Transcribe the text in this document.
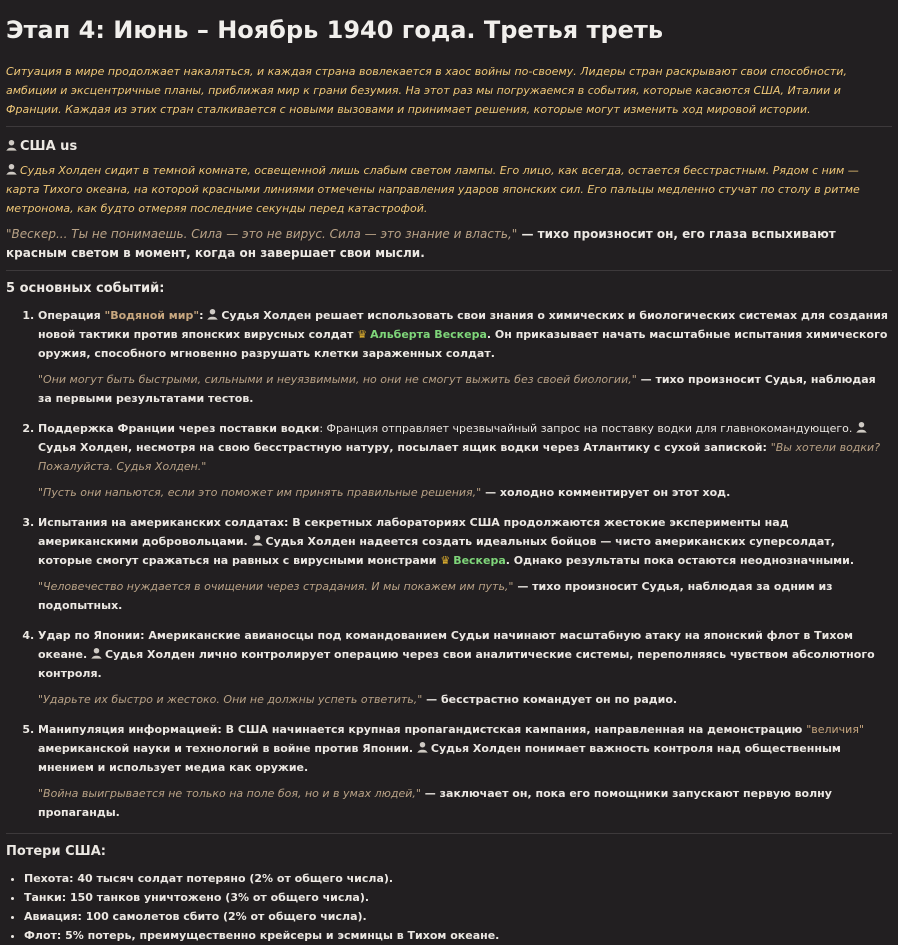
Этап 4: Июнь – Ноябрь 1940 года. Третья треть

Ситуация в мире продолжает накаляться, и каждая страна вовлекается в хаос войны по-своему. Лидеры стран раскрывают свои способности, амбиции и эксцентричные планы, приближая мир к грани безумия. На этот раз мы погружаемся в события, которые касаются США, Италии и Франции. Каждая из этих стран сталкивается с новыми вызовами и принимает решения, которые могут изменить ход мировой истории.

США us

Судья Холден сидит в темной комнате, освещенной лишь слабым светом лампы. Его лицо, как всегда, остается бесстрастным. Рядом с ним — карта Тихого океана, на которой красными линиями отмечены направления ударов японских сил. Его пальцы медленно стучат по столу в ритме метронома, как будто отмеряя последние секунды перед катастрофой.

"Вескер... Ты не понимаешь. Сила — это не вирус. Сила — это знание и власть," — тихо произносит он, его глаза вспыхивают красным светом в момент, когда он завершает свои мысли.

5 основных событий:
1. Операция "Водяной мир": Судья Холден решает использовать свои знания о химических и биологических системах для создания новой тактики против японских вирусных солдат ♛ Альберта Вескера. Он приказывает начать масштабные испытания химического оружия, способного мгновенно разрушать клетки зараженных солдат.
"Они могут быть быстрыми, сильными и неуязвимыми, но они не смогут выжить без своей биологии," — тихо произносит Судья, наблюдая за первыми результатами тестов.
2. Поддержка Франции через поставки водки: Франция отправляет чрезвычайный запрос на поставку водки для главнокомандующего. Судья Холден, несмотря на свою бесстрастную натуру, посылает ящик водки через Атлантику с сухой запиской: "Вы хотели водки? Пожалуйста. Судья Холден."
"Пусть они напьются, если это поможет им принять правильные решения," — холодно комментирует он этот ход.
3. Испытания на американских солдатах: В секретных лабораториях США продолжаются жестокие эксперименты над американскими добровольцами. Судья Холден надеется создать идеальных бойцов — чисто американских суперсолдат, которые смогут сражаться на равных с вирусными монстрами ♛ Вескера. Однако результаты пока остаются неоднозначными.
"Человечество нуждается в очищении через страдания. И мы покажем им путь," — тихо произносит Судья, наблюдая за одним из подопытных.
4. Удар по Японии: Американские авианосцы под командованием Судьи начинают масштабную атаку на японский флот в Тихом океане. Судья Холден лично контролирует операцию через свои аналитические системы, переполняясь чувством абсолютного контроля.
"Ударьте их быстро и жестоко. Они не должны успеть ответить," — бесстрастно командует он по радио.
5. Манипуляция информацией: В США начинается крупная пропагандистская кампания, направленная на демонстрацию "величия" американской науки и технологий в войне против Японии. Судья Холден понимает важность контроля над общественным мнением и использует медиа как оружие.
"Война выигрывается не только на поле боя, но и в умах людей," — заключает он, пока его помощники запускают первую волну пропаганды.
Потери США:
• Пехота: 40 тысяч солдат потеряно (2% от общего числа).
• Танки: 150 танков уничтожено (3% от общего числа).
• Авиация: 100 самолетов сбито (2% от общего числа).
• Флот: 5% потерь, преимущественно крейсеры и эсминцы в Тихом океане.
